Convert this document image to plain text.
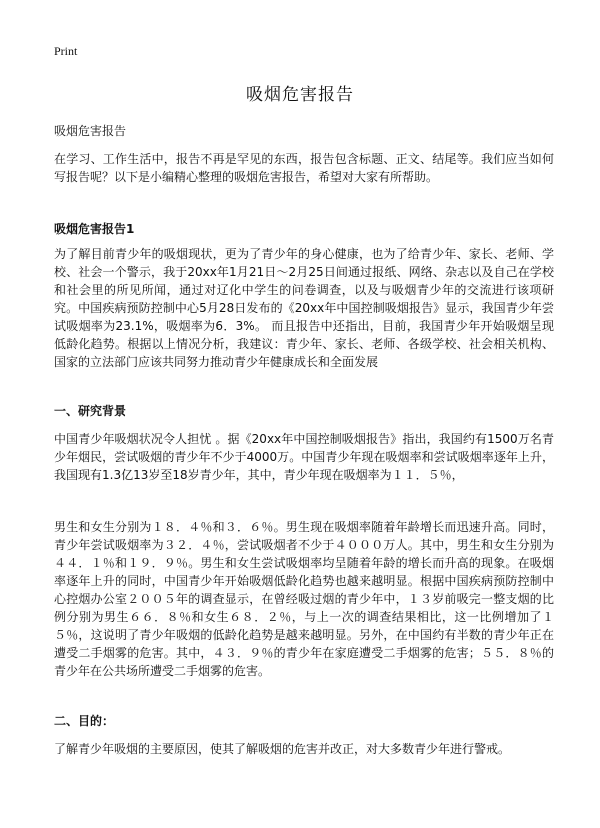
Print
吸烟危害报告
吸烟危害报告

在学习、工作生活中，报告不再是罕见的东西，报告包含标题、正文、结尾等。我们应当如何写报告呢？以下是小编精心整理的吸烟危害报告，希望对大家有所帮助。

吸烟危害报告1

为了解目前青少年的吸烟现状，更为了青少年的身心健康，也为了给青少年、家长、老师、学校、社会一个警示，我于20xx年1月21日～2月25日间通过报纸、网络、杂志以及自己在学校和社会里的所见所闻，通过对辽化中学生的问卷调查，以及与吸烟青少年的交流进行该项研究。中国疾病预防控制中心5月28日发布的《20xx年中国控制吸烟报告》显示，我国青少年尝试吸烟率为23.1%，吸烟率为6．3%。 而且报告中还指出，目前，我国青少年开始吸烟呈现低龄化趋势。根据以上情况分析，我建议：青少年、家长、老师、各级学校、社会相关机构、国家的立法部门应该共同努力推动青少年健康成长和全面发展

一、研究背景

中国青少年吸烟状况令人担忧 。据《20xx年中国控制吸烟报告》指出，我国约有1500万名青少年烟民，尝试吸烟的青少年不少于4000万。中国青少年现在吸烟率和尝试吸烟率逐年上升，我国现有1.3亿13岁至18岁青少年，其中，青少年现在吸烟率为１１．５％，

男生和女生分别为１８．４％和３．６％。男生现在吸烟率随着年龄增长而迅速升高。同时，青少年尝试吸烟率为３２．４％，尝试吸烟者不少于４０００万人。其中，男生和女生分别为４４．１％和１９．９％。男生和女生尝试吸烟率均呈随着年龄的增长而升高的现象。在吸烟率逐年上升的同时，中国青少年开始吸烟低龄化趋势也越来越明显。根据中国疾病预防控制中心控烟办公室２００５年的调查显示，在曾经吸过烟的青少年中，１３岁前吸完一整支烟的比例分别为男生６６．８％和女生６８．２％，与上一次的调查结果相比，这一比例增加了１５％，这说明了青少年吸烟的低龄化趋势是越来越明显。另外，在中国约有半数的青少年正在遭受二手烟雾的危害。其中，４３．９％的青少年在家庭遭受二手烟雾的危害；５５．８％的青少年在公共场所遭受二手烟雾的危害。

二、目的：

了解青少年吸烟的主要原因，使其了解吸烟的危害并改正，对大多数青少年进行警戒。
